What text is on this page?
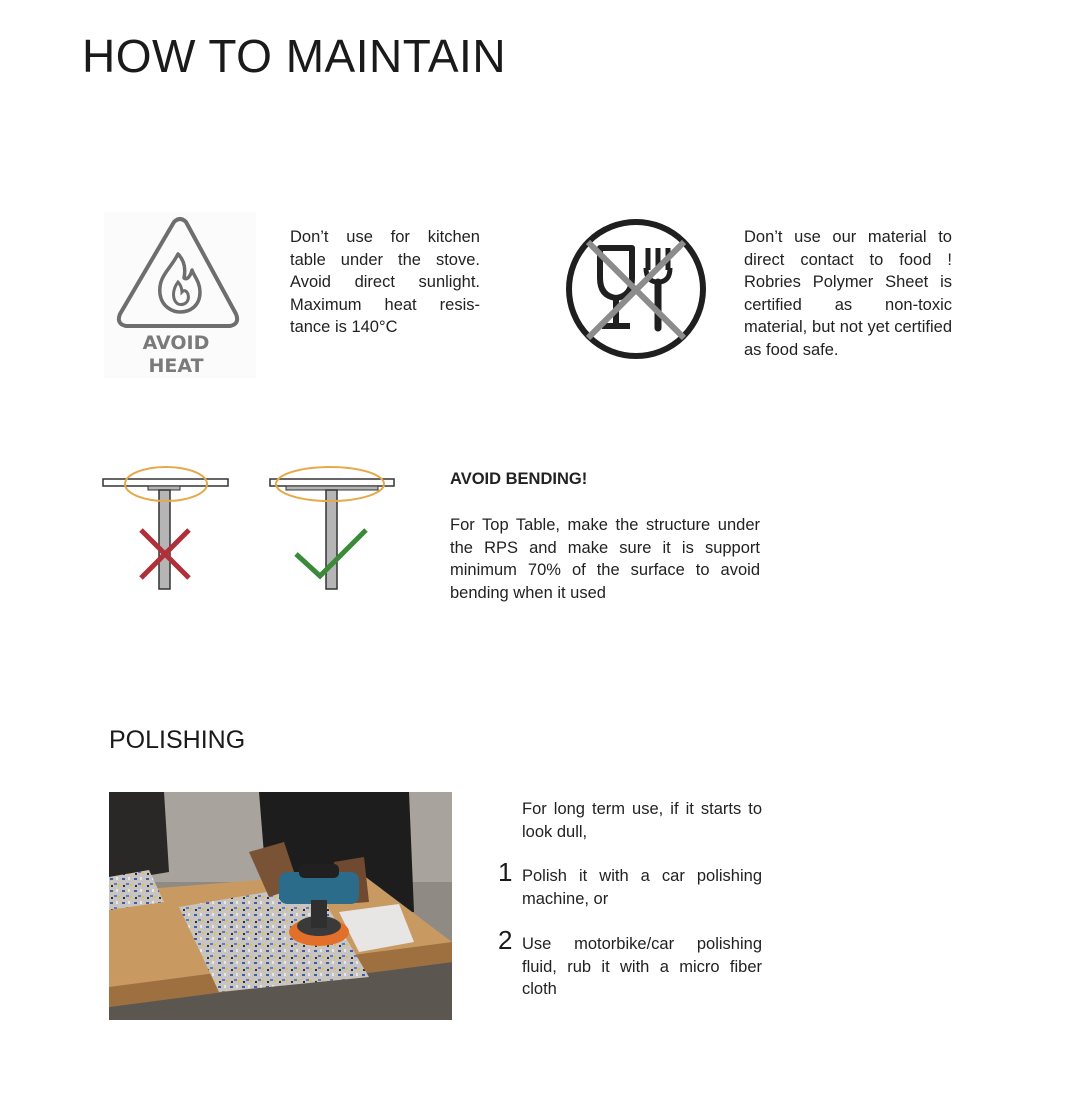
HOW TO MAINTAIN
AVOID
HEAT

Don’t use for kitchen table under the stove. Avoid direct sunlight. Maximum heat resis-tance is 140°C

Don’t use our material to direct contact to food ! Robries Polymer Sheet is certified as non-toxic material, but not yet certified as food safe.

AVOID BENDING!

For Top Table, make the structure under the RPS and make sure it is support minimum 70% of the surface to avoid bending when it used

POLISHING

For long term use, if it starts to look dull,

1 Polish it with a car polishing machine, or

2 Use motorbike/car polishing fluid, rub it with a micro fiber cloth
